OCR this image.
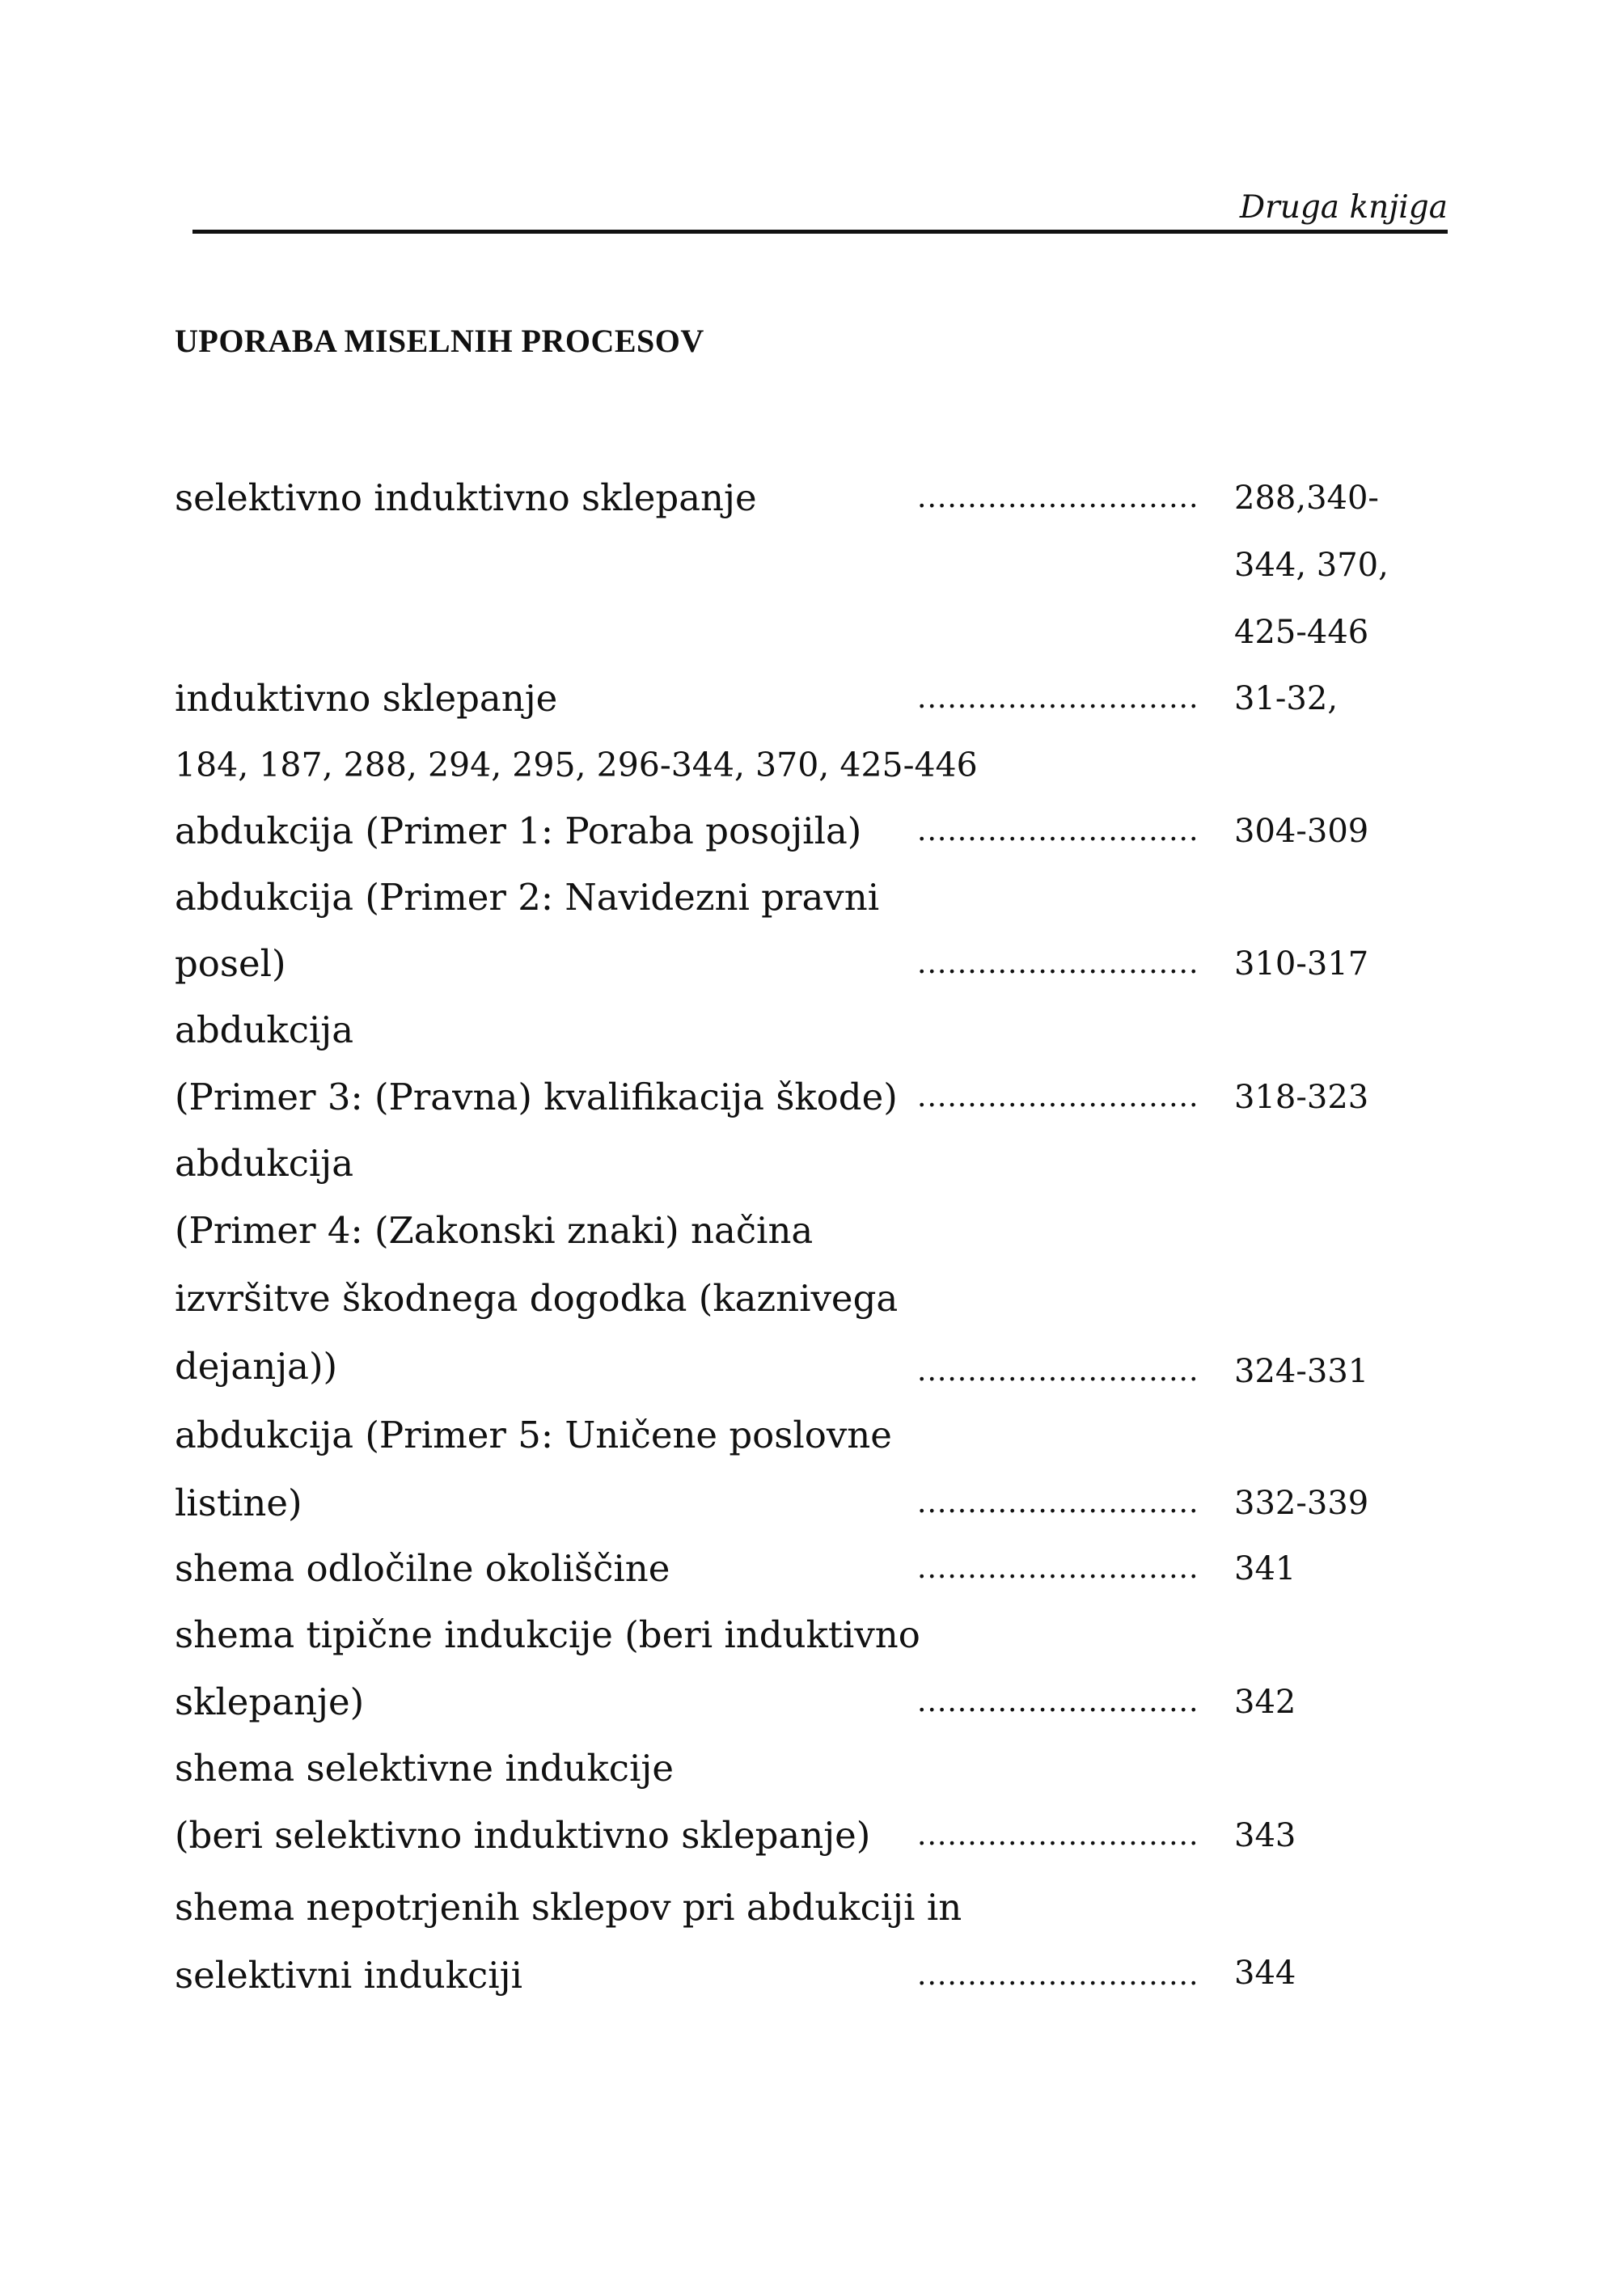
Druga knjiga
UPORABA MISELNIH PROCESOV
selektivno induktivno sklepanje	............................ 288,340-
344, 370,
425-446
induktivno sklepanje	............................ 31-32,
184, 187, 288, 294, 295, 296-344, 370, 425-446
abdukcija (Primer 1: Poraba posojila) ............................ 304-309
abdukcija (Primer 2: Navidezni pravni
posel)	............................ 310-317
abdukcija
(Primer 3: (Pravna) kvalifikacija škode) ............................ 318-323
abdukcija
(Primer 4: (Zakonski znaki) načina
izvršitve škodnega dogodka (kaznivega
dejanja))	............................ 324-331
abdukcija (Primer 5: Uničene poslovne
listine)	............................ 332-339
shema odločilne okoliščine	............................ 341
shema tipične indukcije (beri induktivno
sklepanje)	............................ 342
shema selektivne indukcije
(beri selektivno induktivno sklepanje) ............................ 343
shema nepotrjenih sklepov pri abdukciji in
selektivni indukciji	............................ 344
